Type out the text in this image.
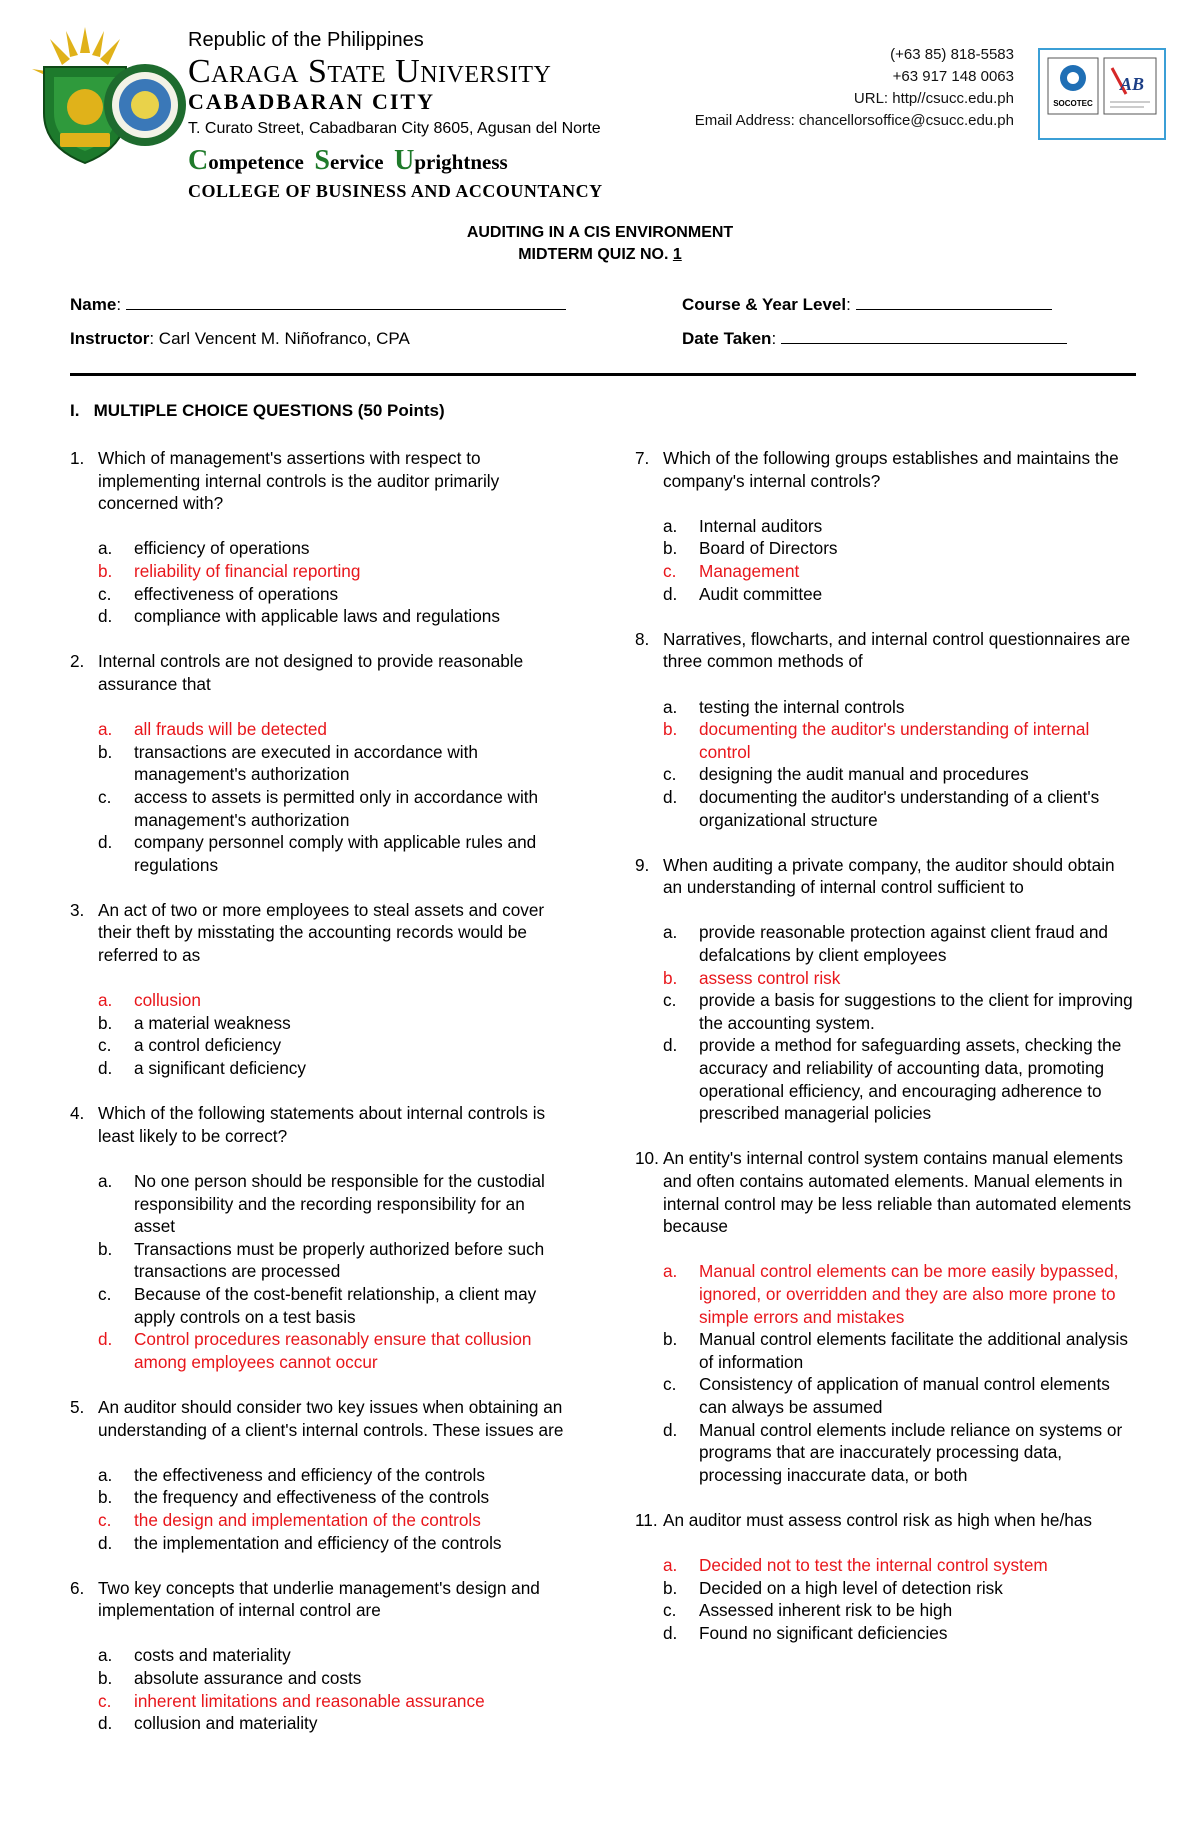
Republic of the Philippines
Caraga State University
CABADBARAN CITY
T. Curato Street, Cabadbaran City 8605, Agusan del Norte
Competence Service Uprightness
COLLEGE OF BUSINESS AND ACCOUNTANCY
(+63 85) 818-5583
+63 917 148 0063
URL: http//csucc.edu.ph
Email Address: chancellorsoffice@csucc.edu.ph
SOCOTEC
AB
AUDITING IN A CIS ENVIRONMENT
MIDTERM QUIZ NO. 1
Name:
Instructor: Carl Vencent M. Niñofranco, CPA
Course & Year Level:
Date Taken:
I. MULTIPLE CHOICE QUESTIONS (50 Points)
1. Which of management's assertions with respect to implementing internal controls is the auditor primarily concerned with?
a.	efficiency of operations
b.	reliability of financial reporting
c.	effectiveness of operations
d.	compliance with applicable laws and regulations
2. Internal controls are not designed to provide reasonable assurance that
a.	all frauds will be detected
b.	transactions are executed in accordance with management's authorization
c.	access to assets is permitted only in accordance with management's authorization
d.	company personnel comply with applicable rules and regulations
3. An act of two or more employees to steal assets and cover their theft by misstating the accounting records would be referred to as
a.	collusion
b.	a material weakness
c.	a control deficiency
d.	a significant deficiency
4. Which of the following statements about internal controls is least likely to be correct?
a.	No one person should be responsible for the custodial responsibility and the recording responsibility for an asset
b.	Transactions must be properly authorized before such transactions are processed
c.	Because of the cost-benefit relationship, a client may apply controls on a test basis
d.	Control procedures reasonably ensure that collusion among employees cannot occur
5. An auditor should consider two key issues when obtaining an understanding of a client's internal controls. These issues are
a.	the effectiveness and efficiency of the controls
b.	the frequency and effectiveness of the controls
c.	the design and implementation of the controls
d.	the implementation and efficiency of the controls
6. Two key concepts that underlie management's design and implementation of internal control are
a.	costs and materiality
b.	absolute assurance and costs
c.	inherent limitations and reasonable assurance
d.	collusion and materiality
7. Which of the following groups establishes and maintains the company's internal controls?
a.	Internal auditors
b.	Board of Directors
c.	Management
d.	Audit committee
8. Narratives, flowcharts, and internal control questionnaires are three common methods of
a.	testing the internal controls
b.	documenting the auditor's understanding of internal control
c.	designing the audit manual and procedures
d.	documenting the auditor's understanding of a client's organizational structure
9. When auditing a private company, the auditor should obtain an understanding of internal control sufficient to
a.	provide reasonable protection against client fraud and defalcations by client employees
b.	assess control risk
c.	provide a basis for suggestions to the client for improving the accounting system.
d.	provide a method for safeguarding assets, checking the accuracy and reliability of accounting data, promoting operational efficiency, and encouraging adherence to prescribed managerial policies
10. An entity's internal control system contains manual elements and often contains automated elements. Manual elements in internal control may be less reliable than automated elements because
a.	Manual control elements can be more easily bypassed, ignored, or overridden and they are also more prone to simple errors and mistakes
b.	Manual control elements facilitate the additional analysis of information
c.	Consistency of application of manual control elements can always be assumed
d.	Manual control elements include reliance on systems or programs that are inaccurately processing data, processing inaccurate data, or both
11. An auditor must assess control risk as high when he/has
a.	Decided not to test the internal control system
b.	Decided on a high level of detection risk
c.	Assessed inherent risk to be high
d.	Found no significant deficiencies
